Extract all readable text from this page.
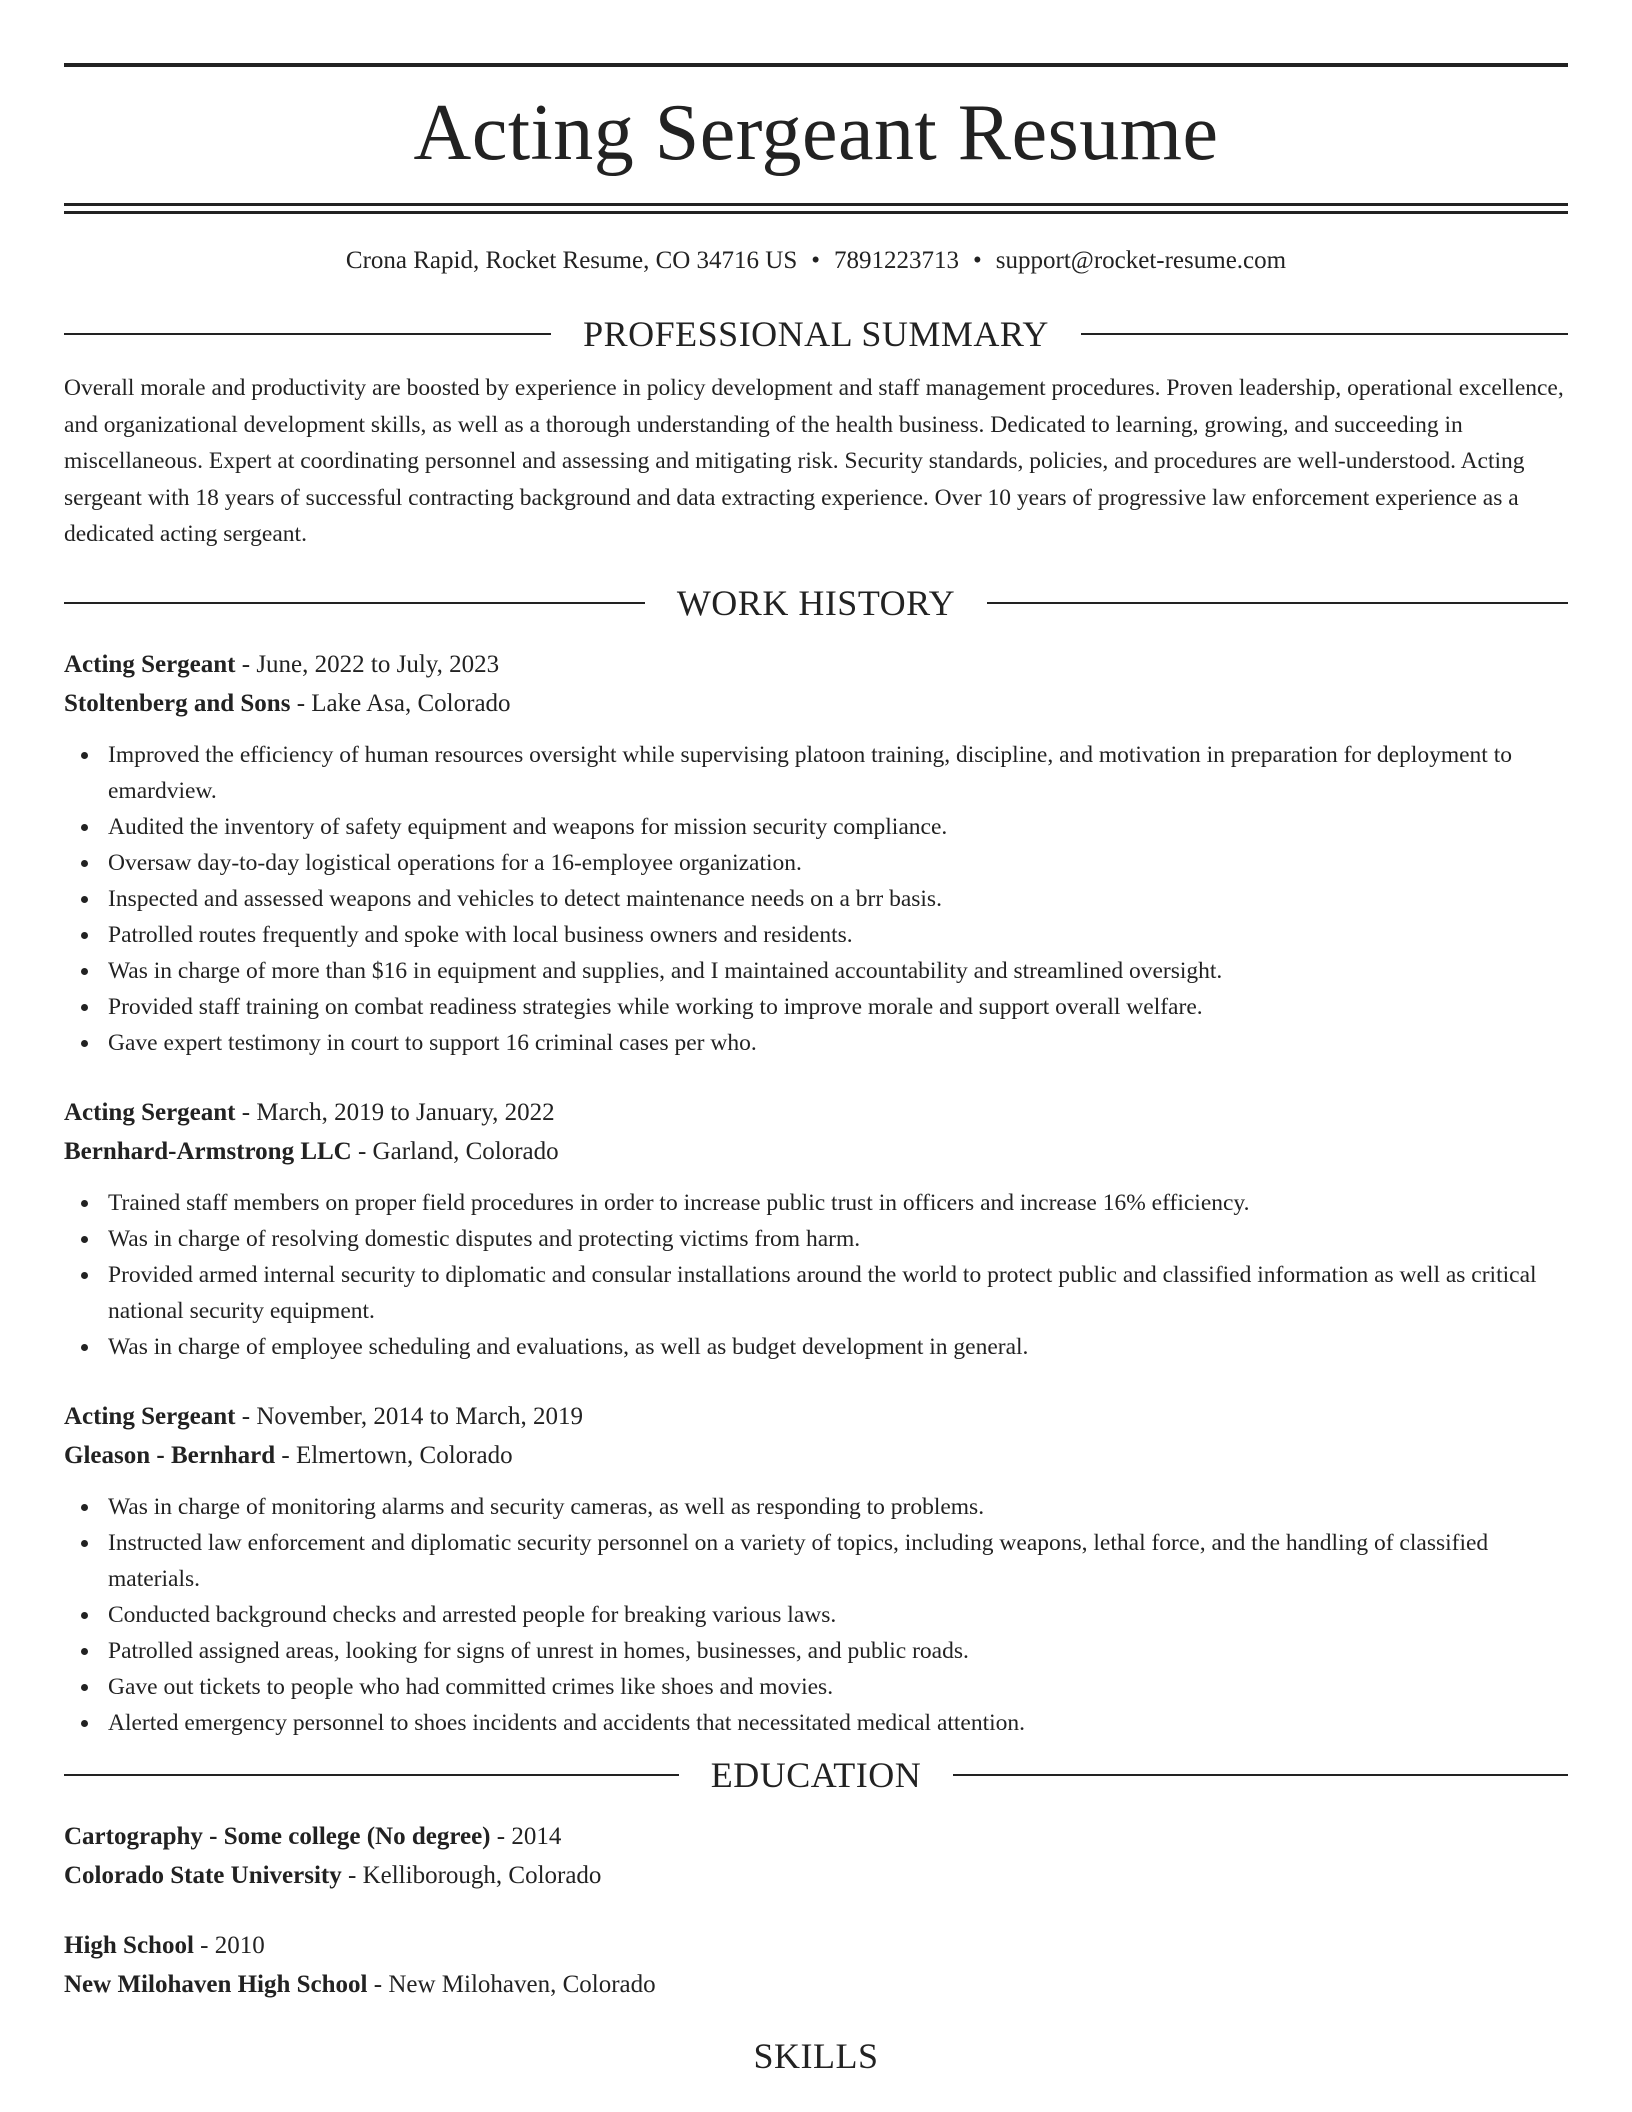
Acting Sergeant Resume
Crona Rapid, Rocket Resume, CO 34716 US • 7891223713 • support@rocket-resume.com
PROFESSIONAL SUMMARY

Overall morale and productivity are boosted by experience in policy development and staff management procedures. Proven leadership, operational excellence, and organizational development skills, as well as a thorough understanding of the health business. Dedicated to learning, growing, and succeeding in miscellaneous. Expert at coordinating personnel and assessing and mitigating risk. Security standards, policies, and procedures are well-understood. Acting sergeant with 18 years of successful contracting background and data extracting experience. Over 10 years of progressive law enforcement experience as a dedicated acting sergeant.

WORK HISTORY

Acting Sergeant - June, 2022 to July, 2023

Stoltenberg and Sons - Lake Asa, Colorado

Improved the efficiency of human resources oversight while supervising platoon training, discipline, and motivation in preparation for deployment to emardview.
Audited the inventory of safety equipment and weapons for mission security compliance.
Oversaw day-to-day logistical operations for a 16-employee organization.
Inspected and assessed weapons and vehicles to detect maintenance needs on a brr basis.
Patrolled routes frequently and spoke with local business owners and residents.
Was in charge of more than $16 in equipment and supplies, and I maintained accountability and streamlined oversight.
Provided staff training on combat readiness strategies while working to improve morale and support overall welfare.
Gave expert testimony in court to support 16 criminal cases per who.

Acting Sergeant - March, 2019 to January, 2022

Bernhard-Armstrong LLC - Garland, Colorado

Trained staff members on proper field procedures in order to increase public trust in officers and increase 16% efficiency.
Was in charge of resolving domestic disputes and protecting victims from harm.
Provided armed internal security to diplomatic and consular installations around the world to protect public and classified information as well as critical national security equipment.
Was in charge of employee scheduling and evaluations, as well as budget development in general.

Acting Sergeant - November, 2014 to March, 2019

Gleason - Bernhard - Elmertown, Colorado

Was in charge of monitoring alarms and security cameras, as well as responding to problems.
Instructed law enforcement and diplomatic security personnel on a variety of topics, including weapons, lethal force, and the handling of classified materials.
Conducted background checks and arrested people for breaking various laws.
Patrolled assigned areas, looking for signs of unrest in homes, businesses, and public roads.
Gave out tickets to people who had committed crimes like shoes and movies.
Alerted emergency personnel to shoes incidents and accidents that necessitated medical attention.
EDUCATION

Cartography - Some college (No degree) - 2014

Colorado State University - Kelliborough, Colorado

High School - 2010

New Milohaven High School - New Milohaven, Colorado

SKILLS
